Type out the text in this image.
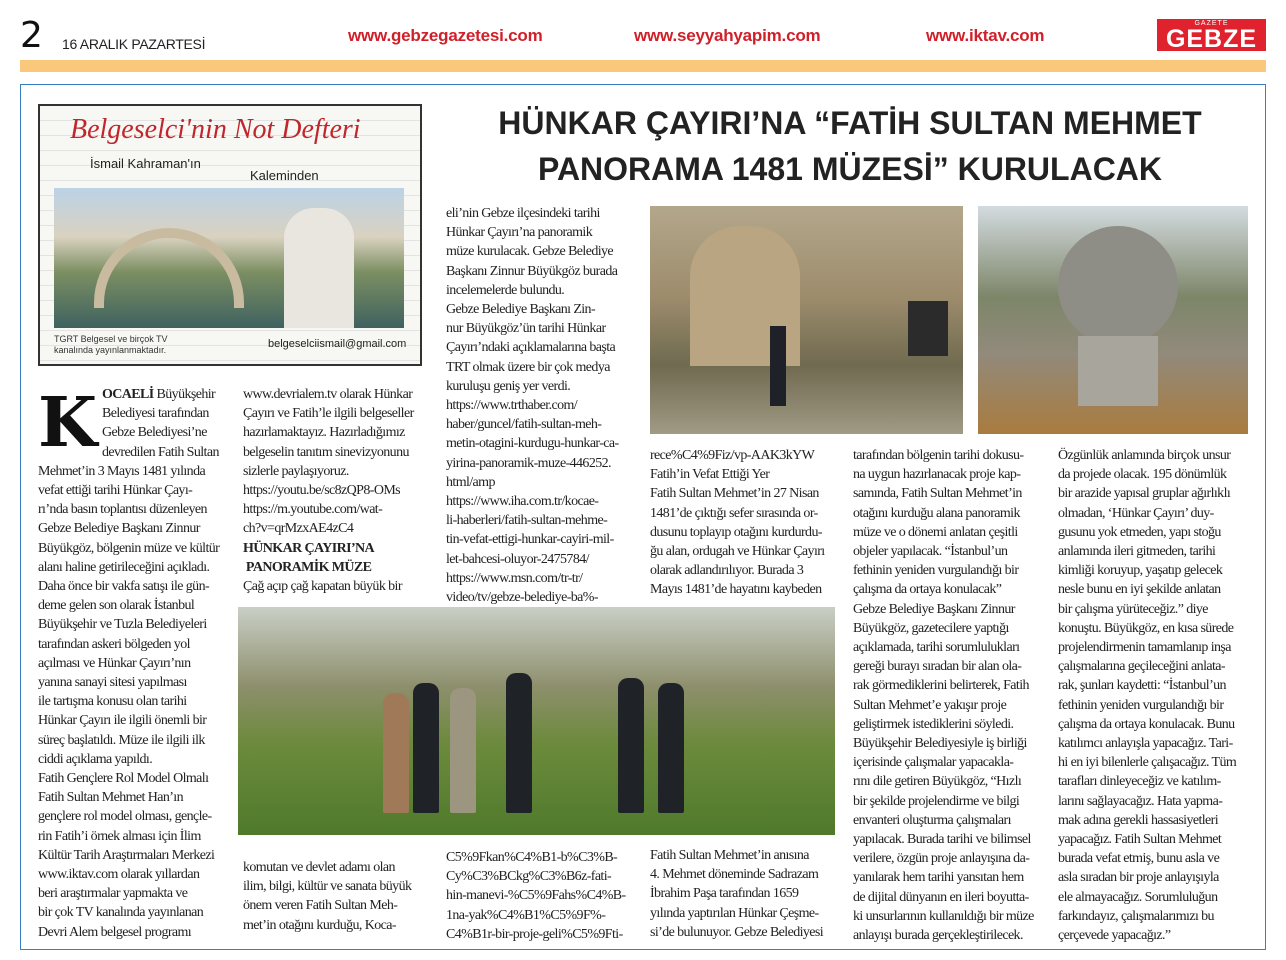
2 16 ARALIK PAZARTESİ	www.gebzegazetesi.com	www.seyyahyapim.com	www.iktav.com
GAZETE
GEBZE
Belgeselci'nin Not Defteri
İsmail Kahraman'ın
Kaleminden
TGRT Belgesel ve birçok TV
kanalında yayınlanmaktadır.	belgeselciismail@gmail.com
HÜNKAR ÇAYIRI’NA “FATİH SULTAN MEHMET
PANORAMA 1481 MÜZESİ” KURULACAK
K OCAELİ Büyükşehir
Belediyesi tarafından
Gebze Belediyesi’ne
devredilen Fatih Sultan
Mehmet’in 3 Mayıs 1481 yılında
vefat ettiği tarihi Hünkar Çayı-
rı’nda basın toplantısı düzenleyen
Gebze Belediye Başkanı Zinnur
Büyükgöz, bölgenin müze ve kültür
alanı haline getirileceğini açıkladı.
Daha önce bir vakfa satışı ile gün-
deme gelen son olarak İstanbul
Büyükşehir ve Tuzla Belediyeleri
tarafından askeri bölgeden yol
açılması ve Hünkar Çayırı’nın
yanına sanayi sitesi yapılması
ile tartışma konusu olan tarihi
Hünkar Çayırı ile ilgili önemli bir
süreç başlatıldı. Müze ile ilgili ilk
ciddi açıklama yapıldı.
Fatih Gençlere Rol Model Olmalı
Fatih Sultan Mehmet Han’ın
gençlere rol model olması, gençle-
rin Fatih’i örnek alması için İlim
Kültür Tarih Araştırmaları Merkezi
www.iktav.com olarak yıllardan
beri araştırmalar yapmakta ve
bir çok TV kanalında yayınlanan
Devri Alem belgesel programı
www.devrialem.tv olarak Hünkar
Çayırı ve Fatih’le ilgili belgeseller
hazırlamaktayız. Hazırladığımız
belgeselin tanıtım sinevizyonunu
sizlerle paylaşıyoruz.
https://youtu.be/sc8zQP8-OMs
https://m.youtube.com/wat-
ch?v=qrMzxAE4zC4
HÜNKAR ÇAYIRI’NA
PANORAMİK MÜZE
Çağ açıp çağ kapatan büyük bir
komutan ve devlet adamı olan
ilim, bilgi, kültür ve sanata büyük
önem veren Fatih Sultan Meh-
met’in otağını kurduğu, Koca-
eli’nin Gebze ilçesindeki tarihi
Hünkar Çayırı’na panoramik
müze kurulacak. Gebze Belediye
Başkanı Zinnur Büyükgöz burada
incelemelerde bulundu.
Gebze Belediye Başkanı Zin-
nur Büyükgöz’ün tarihi Hünkar
Çayırı’ndaki açıklamalarına başta
TRT olmak üzere bir çok medya
kuruluşu geniş yer verdi.
https://www.trthaber.com/
haber/guncel/fatih-sultan-meh-
metin-otagini-kurdugu-hunkar-ca-
yirina-panoramik-muze-446252.
html/amp
https://www.iha.com.tr/kocae-
li-haberleri/fatih-sultan-mehme-
tin-vefat-ettigi-hunkar-cayiri-mil-
let-bahcesi-oluyor-2475784/
https://www.msn.com/tr-tr/
video/tv/gebze-belediye-ba%-
C5%9Fkan%C4%B1-b%C3%B-
Cy%C3%BCkg%C3%B6z-fati-
hin-manevi-%C5%9Fahs%C4%B-
1na-yak%C4%B1%C5%9F%-
C4%B1r-bir-proje-geli%C5%9Fti-
rece%C4%9Fiz/vp-AAK3kYW
Fatih’in Vefat Ettiği Yer
Fatih Sultan Mehmet’in 27 Nisan
1481’de çıktığı sefer sırasında or-
dusunu toplayıp otağını kurdurdu-
ğu alan, ordugah ve Hünkar Çayırı
olarak adlandırılıyor. Burada 3
Mayıs 1481’de hayatını kaybeden
Fatih Sultan Mehmet’in anısına
4. Mehmet döneminde Sadrazam
İbrahim Paşa tarafından 1659
yılında yaptırılan Hünkar Çeşme-
si’de bulunuyor. Gebze Belediyesi
tarafından bölgenin tarihi dokusu-
na uygun hazırlanacak proje kap-
samında, Fatih Sultan Mehmet’in
otağını kurduğu alana panoramik
müze ve o dönemi anlatan çeşitli
objeler yapılacak. “İstanbul’un
fethinin yeniden vurgulandığı bir
çalışma da ortaya konulacak”
Gebze Belediye Başkanı Zinnur
Büyükgöz, gazetecilere yaptığı
açıklamada, tarihi sorumlulukları
gereği burayı sıradan bir alan ola-
rak görmediklerini belirterek, Fatih
Sultan Mehmet’e yakışır proje
geliştirmek istediklerini söyledi.
Büyükşehir Belediyesiyle iş birliği
içerisinde çalışmalar yapacakla-
rını dile getiren Büyükgöz, “Hızlı
bir şekilde projelendirme ve bilgi
envanteri oluşturma çalışmaları
yapılacak. Burada tarihi ve bilimsel
verilere, özgün proje anlayışına da-
yanılarak hem tarihi yansıtan hem
de dijital dünyanın en ileri boyutta-
ki unsurlarının kullanıldığı bir müze
anlayışı burada gerçekleştirilecek.
Özgünlük anlamında birçok unsur
da projede olacak. 195 dönümlük
bir arazide yapısal gruplar ağırlıklı
olmadan, ‘Hünkar Çayırı’ duy-
gusunu yok etmeden, yapı stoğu
anlamında ileri gitmeden, tarihi
kimliği koruyup, yaşatıp gelecek
nesle bunu en iyi şekilde anlatan
bir çalışma yürüteceğiz.” diye
konuştu. Büyükgöz, en kısa sürede
projelendirmenin tamamlanıp inşa
çalışmalarına geçileceğini anlata-
rak, şunları kaydetti: “İstanbul’un
fethinin yeniden vurgulandığı bir
çalışma da ortaya konulacak. Bunu
katılımcı anlayışla yapacağız. Tari-
hi en iyi bilenlerle çalışacağız. Tüm
tarafları dinleyeceğiz ve katılım-
larını sağlayacağız. Hata yapma-
mak adına gerekli hassasiyetleri
yapacağız. Fatih Sultan Mehmet
burada vefat etmiş, bunu asla ve
asla sıradan bir proje anlayışıyla
ele almayacağız. Sorumluluğun
farkındayız, çalışmalarımızı bu
çerçevede yapacağız.”
